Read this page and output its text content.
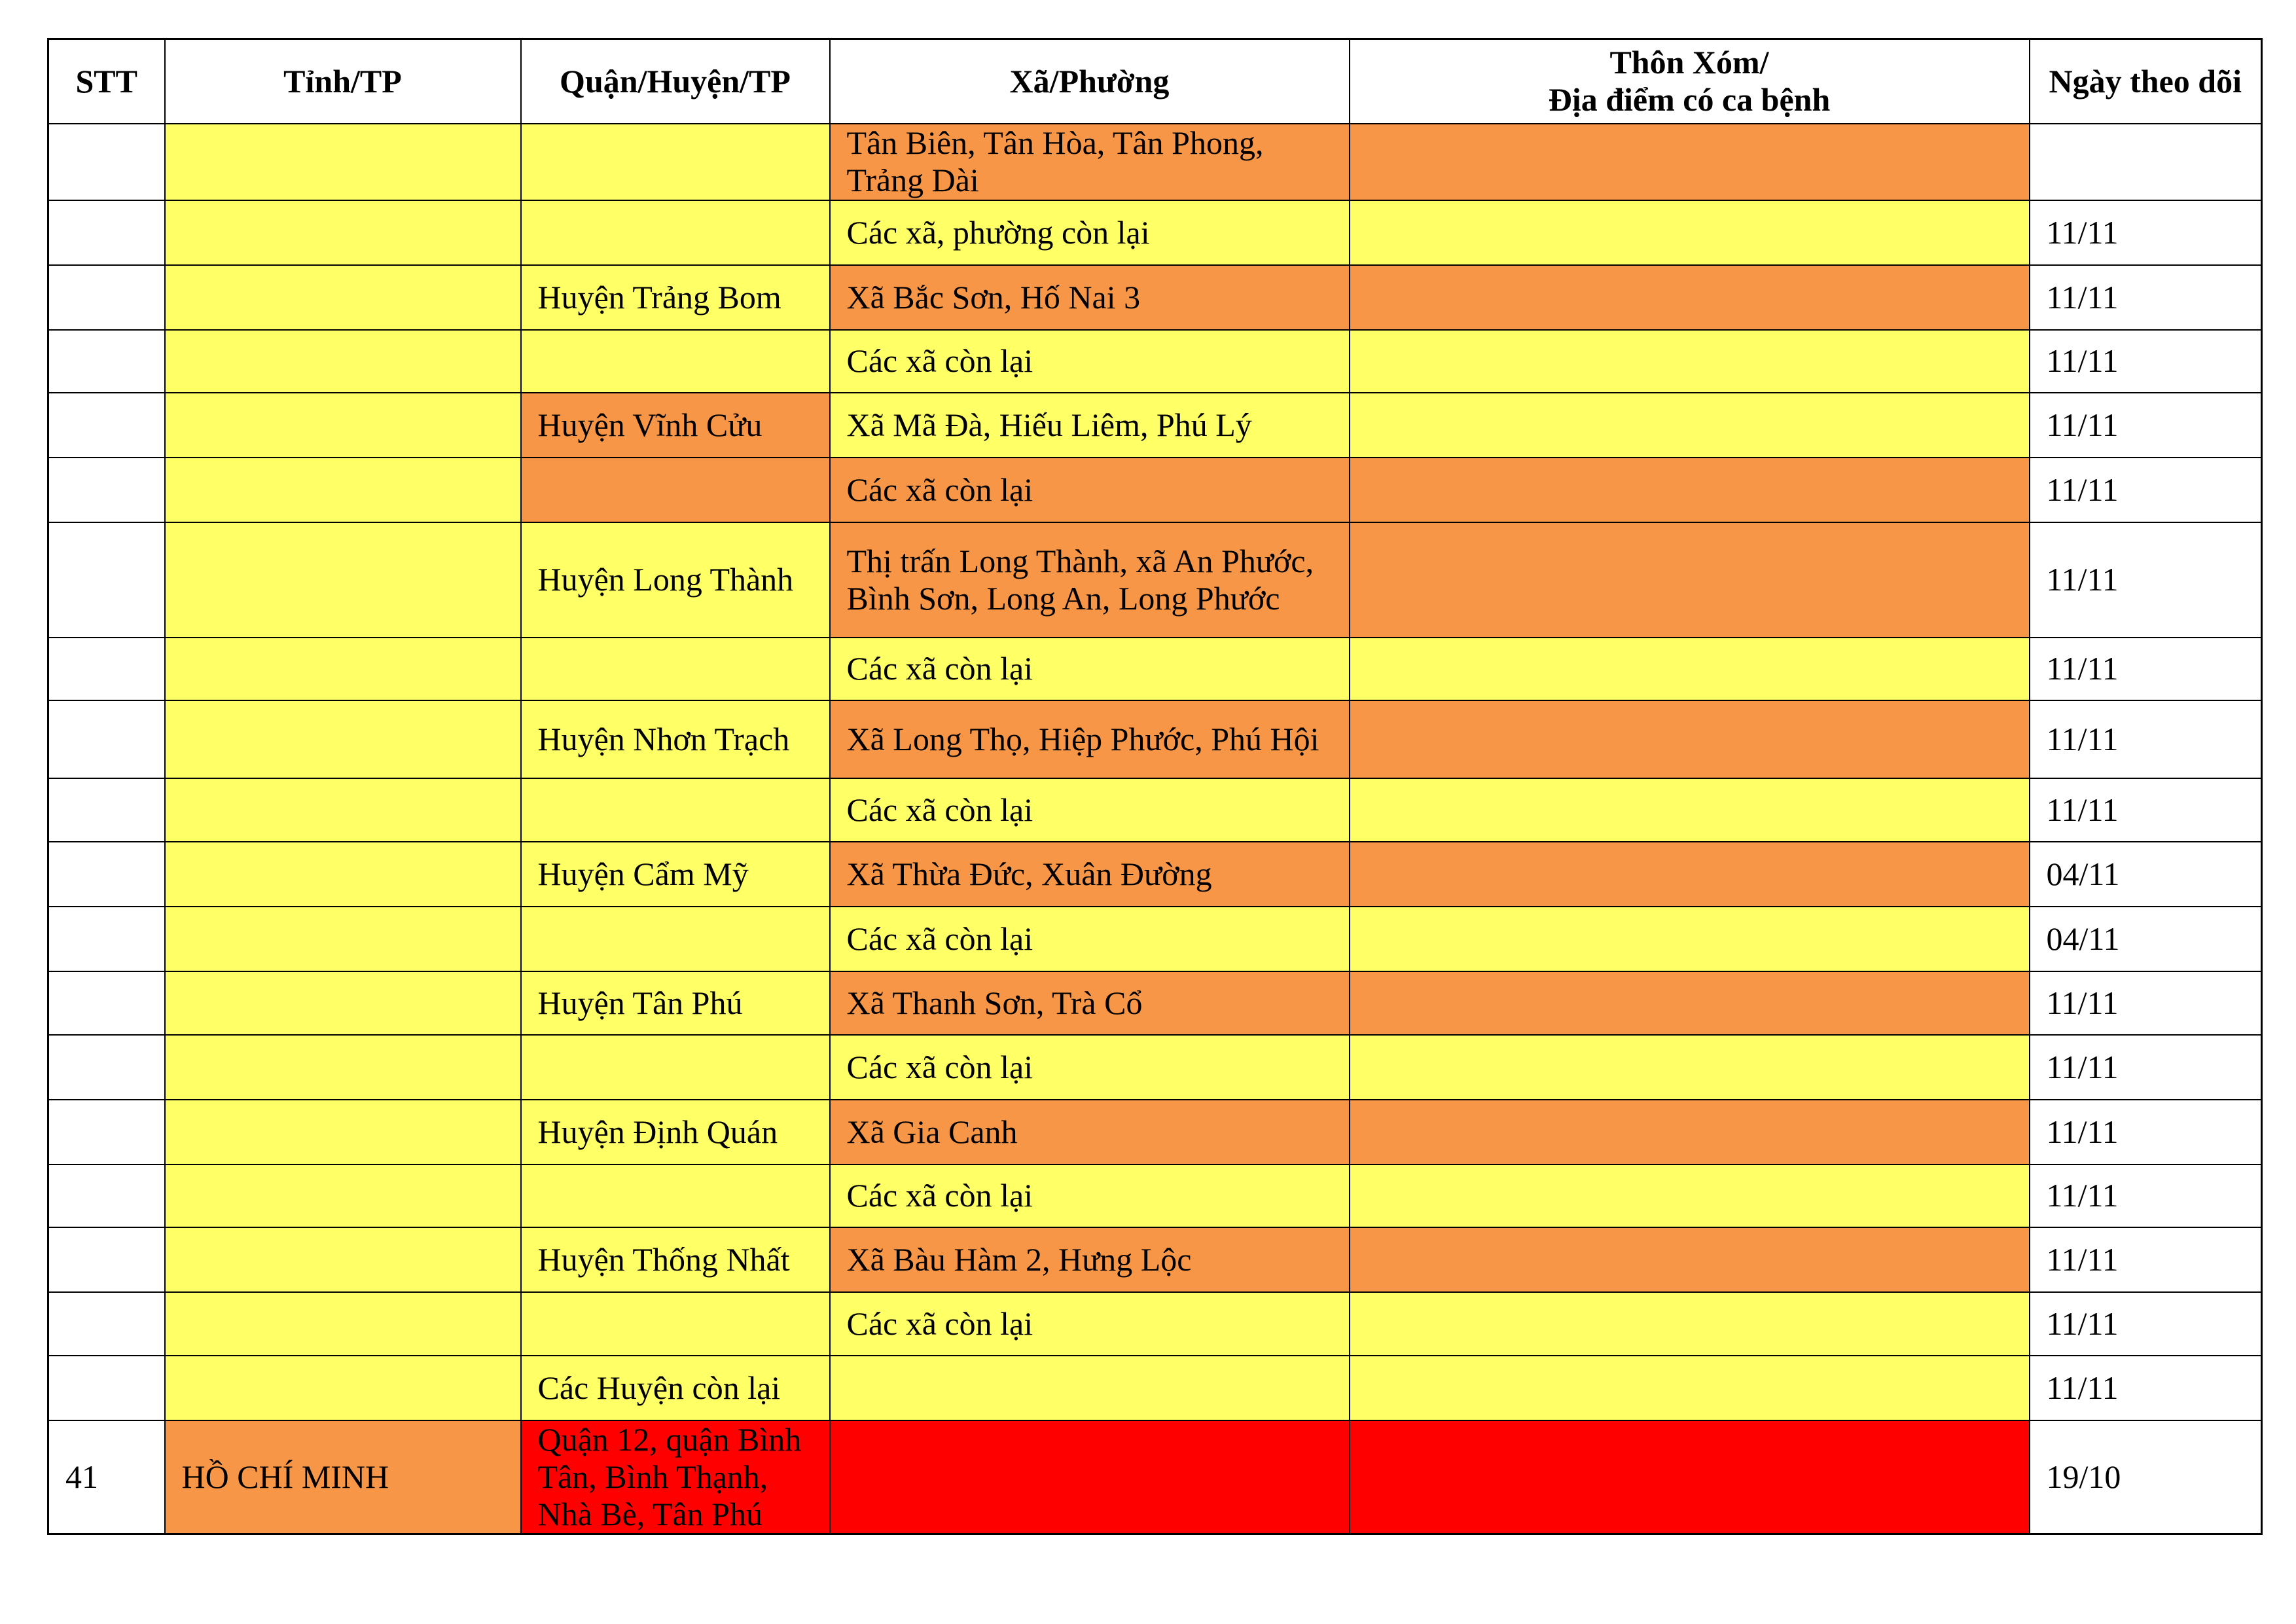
STT	Tỉnh/TP	Quận/Huyện/TP	Xã/Phường	Thôn Xóm/
Địa điểm có ca bệnh	Ngày theo dõi
			Tân Biên, Tân Hòa, Tân Phong, Trảng Dài		
			Các xã, phường còn lại		11/11
		Huyện Trảng Bom	Xã Bắc Sơn, Hố Nai 3		11/11
			Các xã còn lại		11/11
		Huyện Vĩnh Cửu	Xã Mã Đà, Hiếu Liêm, Phú Lý		11/11
			Các xã còn lại		11/11
		Huyện Long Thành	Thị trấn Long Thành, xã An Phước, Bình Sơn, Long An, Long Phước		11/11
			Các xã còn lại		11/11
		Huyện Nhơn Trạch	Xã Long Thọ, Hiệp Phước, Phú Hội		11/11
			Các xã còn lại		11/11
		Huyện Cẩm Mỹ	Xã Thừa Đức, Xuân Đường		04/11
			Các xã còn lại		04/11
		Huyện Tân Phú	Xã Thanh Sơn, Trà Cổ		11/11
			Các xã còn lại		11/11
		Huyện Định Quán	Xã Gia Canh		11/11
			Các xã còn lại		11/11
		Huyện Thống Nhất	Xã Bàu Hàm 2, Hưng Lộc		11/11
			Các xã còn lại		11/11
		Các Huyện còn lại			11/11
41	HỒ CHÍ MINH	Quận 12, quận Bình Tân, Bình Thạnh, Nhà Bè, Tân Phú			19/10
